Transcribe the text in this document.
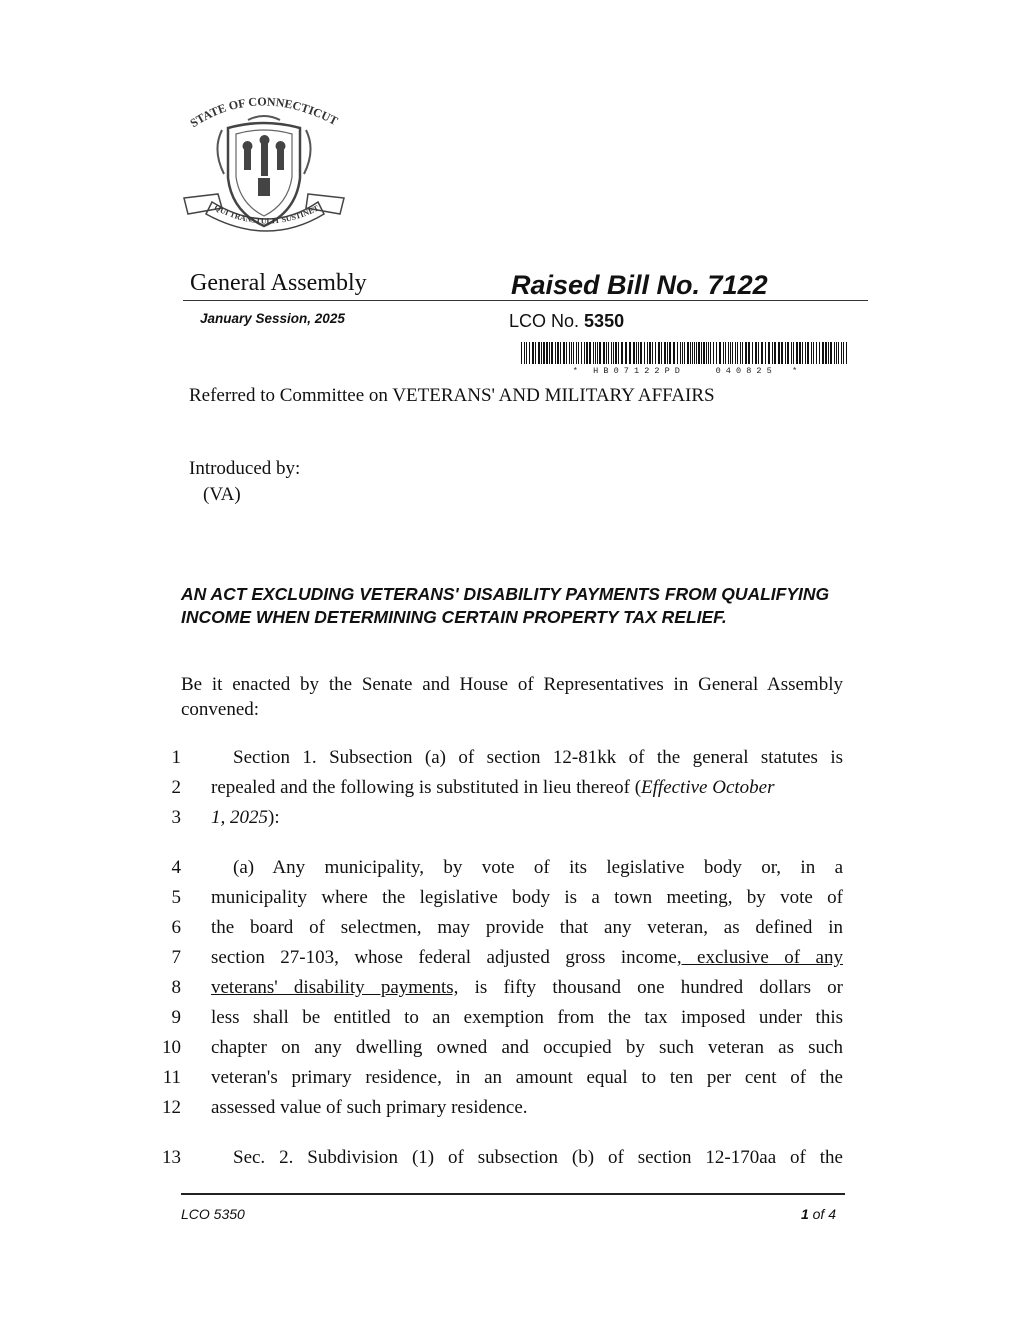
STATE OF CONNECTICUT
QUI TRANSTULIT SUSTINET
General Assembly	Raised Bill No. 7122
January Session, 2025	LCO No. 5350
*   H B 0 7 1 2 2 P D       0 4 0 8 2 5    *
Referred to Committee on VETERANS' AND MILITARY AFFAIRS
Introduced by:
(VA)
AN ACT EXCLUDING VETERANS' DISABILITY PAYMENTS FROM QUALIFYING INCOME WHEN DETERMINING CERTAIN PROPERTY TAX RELIEF.
Be it enacted by the Senate and House of Representatives in General Assembly convened:
1	Section 1. Subsection (a) of section 12-81kk of the general statutes is
2 repealed and the following is substituted in lieu thereof (Effective October
3 1, 2025):
4	(a) Any municipality, by vote of its legislative body or, in a
5 municipality where the legislative body is a town meeting, by vote of
6 the board of selectmen, may provide that any veteran, as defined in
7 section 27-103, whose federal adjusted gross income, exclusive of any
8 veterans' disability payments, is fifty thousand one hundred dollars or
9 less shall be entitled to an exemption from the tax imposed under this
10 chapter on any dwelling owned and occupied by such veteran as such
11 veteran's primary residence, in an amount equal to ten per cent of the
12 assessed value of such primary residence.
13	Sec. 2. Subdivision (1) of subsection (b) of section 12-170aa of the
LCO 5350	1 of 4
